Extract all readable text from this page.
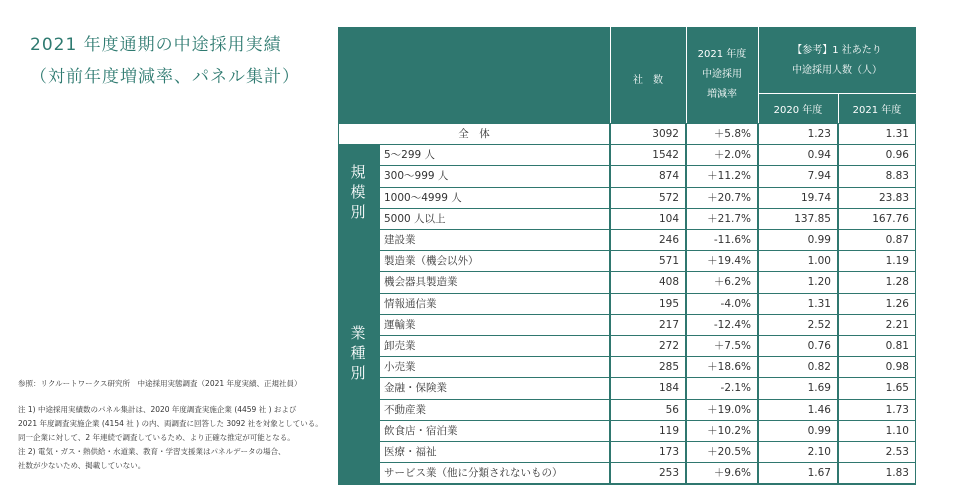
2021 年度通期の中途採用実績
（対前年度増減率、パネル集計）
参照：リクルートワークス研究所　中途採用実態調査（2021 年度実績、正規社員）
注 1) 中途採用実績数のパネル集計は、2020 年度調査実施企業 (4459 社 ) および
2021 年度調査実施企業 (4154 社 ) の内、両調査に回答した 3092 社を対象としている。
同一企業に対して、2 年連続で調査しているため、より正確な推定が可能となる。
注 2) 電気・ガス・熱供給・水道業、教育・学習支援業はパネルデータの場合、
社数が少ないため、掲載していない。
社　数
2021 年度
中途採用
増減率
【参考】1 社あたり
中途採用人数（人）
2020 年度	2021 年度
規
模
別
業
種
別
全　体	3092	＋5.8%	1.23	1.31
5〜299 人	1542	＋2.0%	0.94	0.96
300〜999 人	874	＋11.2%	7.94	8.83
1000〜4999 人	572	＋20.7%	19.74	23.83
5000 人以上	104	＋21.7%	137.85	167.76
建設業	246	-11.6%	0.99	0.87
製造業（機会以外）	571	＋19.4%	1.00	1.19
機会器具製造業	408	＋6.2%	1.20	1.28
情報通信業	195	-4.0%	1.31	1.26
運輸業	217	-12.4%	2.52	2.21
卸売業	272	＋7.5%	0.76	0.81
小売業	285	＋18.6%	0.82	0.98
金融・保険業	184	-2.1%	1.69	1.65
不動産業	56	＋19.0%	1.46	1.73
飲食店・宿泊業	119	＋10.2%	0.99	1.10
医療・福祉	173	＋20.5%	2.10	2.53
サービス業（他に分類されないもの）	253	＋9.6%	1.67	1.83
